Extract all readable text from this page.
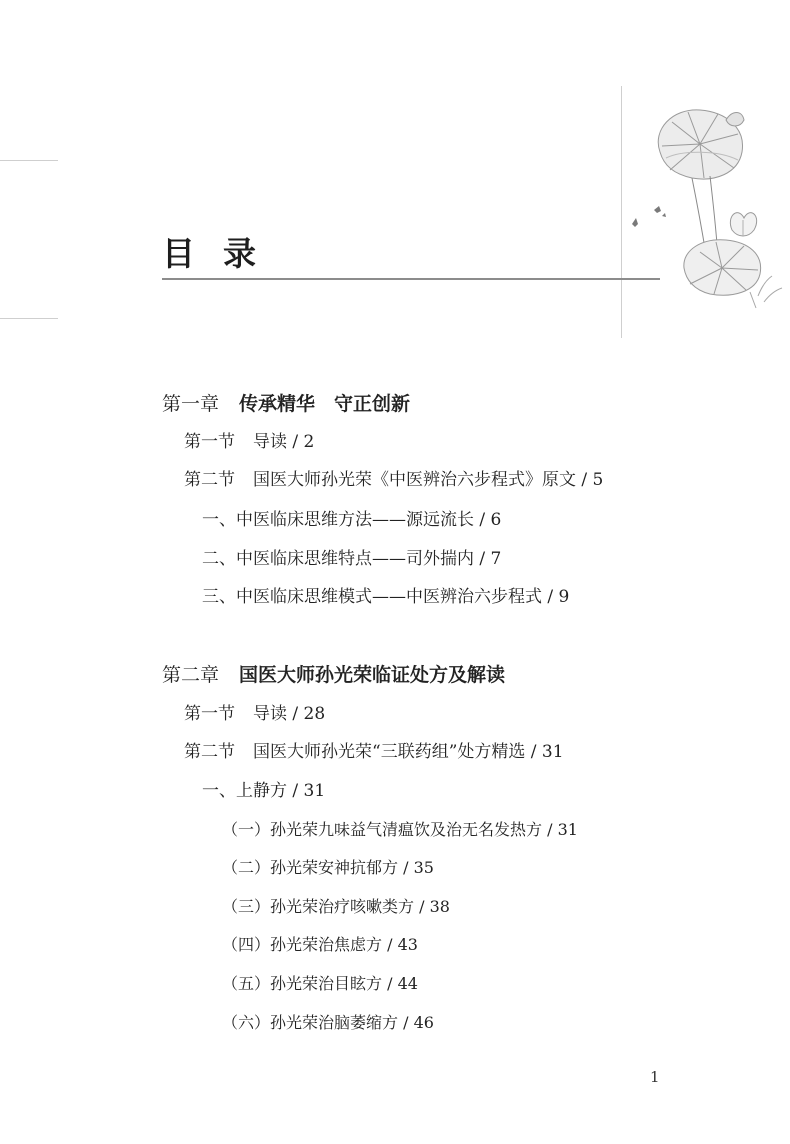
目录
第一章 传承精华　守正创新
第一节 导读 / 2
第二节 国医大师孙光荣《中医辨治六步程式》原文 / 5
一、中医临床思维方法——源远流长 / 6
二、中医临床思维特点——司外揣内 / 7
三、中医临床思维模式——中医辨治六步程式 / 9
第二章 国医大师孙光荣临证处方及解读
第一节 导读 / 28
第二节 国医大师孙光荣“三联药组”处方精选 / 31
一、上静方 / 31
（一）孙光荣九味益气清瘟饮及治无名发热方 / 31
（二）孙光荣安神抗郁方 / 35
（三）孙光荣治疗咳嗽类方 / 38
（四）孙光荣治焦虑方 / 43
（五）孙光荣治目眩方 / 44
（六）孙光荣治脑萎缩方 / 46
1
